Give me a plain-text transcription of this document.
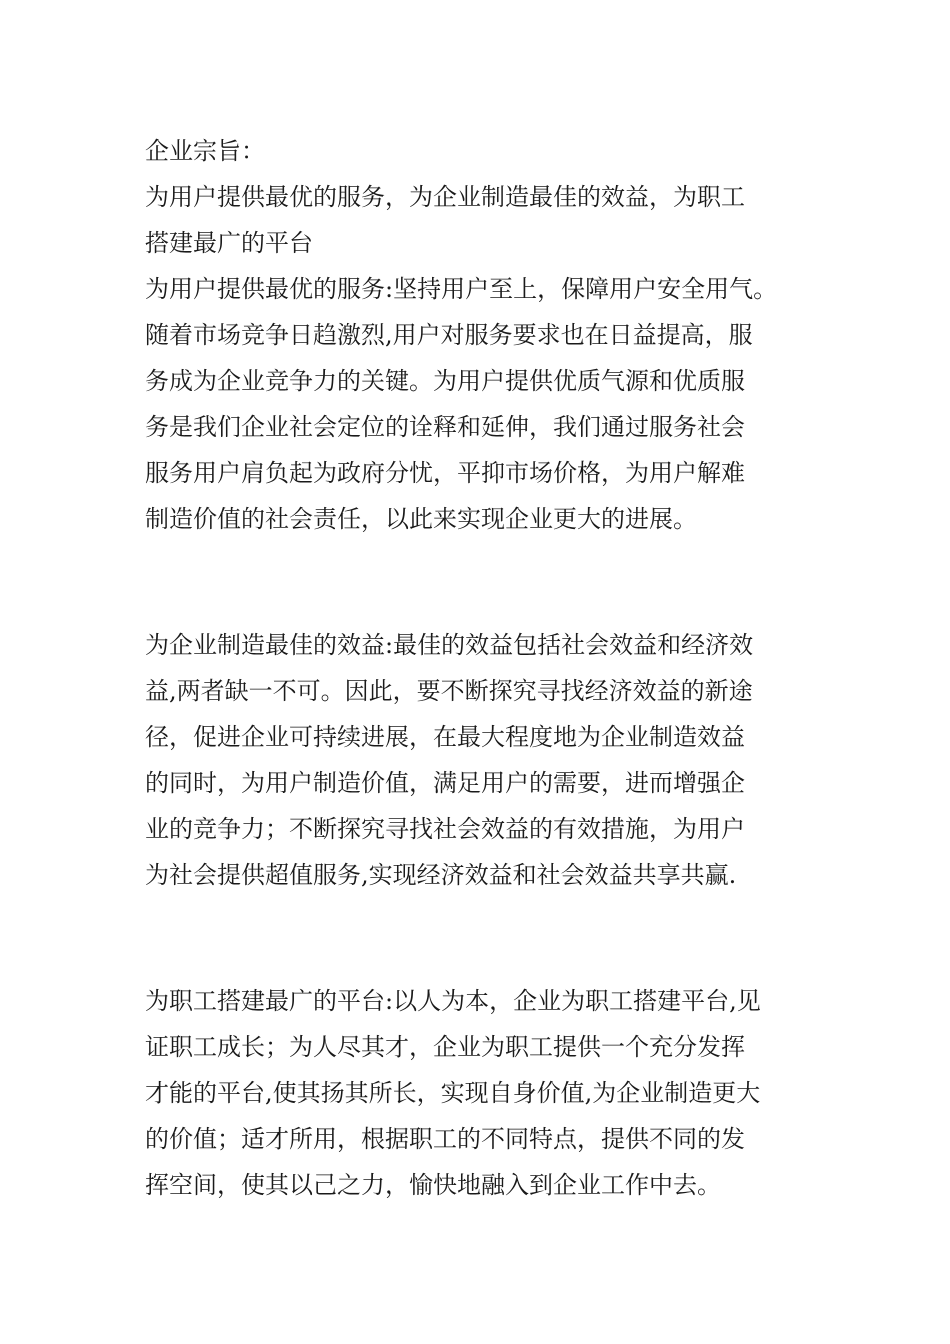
企业宗旨：
为用户提供最优的服务，为企业制造最佳的效益，为职工
搭建最广的平台
为用户提供最优的服务:坚持用户至上，保障用户安全用气。
随着市场竞争日趋激烈,用户对服务要求也在日益提高，服
务成为企业竞争力的关键。为用户提供优质气源和优质服
务是我们企业社会定位的诠释和延伸，我们通过服务社会
服务用户肩负起为政府分忧，平抑市场价格，为用户解难
制造价值的社会责任，以此来实现企业更大的进展。
为企业制造最佳的效益:最佳的效益包括社会效益和经济效
益,两者缺一不可。因此，要不断探究寻找经济效益的新途
径，促进企业可持续进展，在最大程度地为企业制造效益
的同时，为用户制造价值，满足用户的需要，进而增强企
业的竞争力；不断探究寻找社会效益的有效措施，为用户
为社会提供超值服务,实现经济效益和社会效益共享共赢.
为职工搭建最广的平台:以人为本，企业为职工搭建平台,见
证职工成长；为人尽其才，企业为职工提供一个充分发挥
才能的平台,使其扬其所长，实现自身价值,为企业制造更大
的价值；适才所用，根据职工的不同特点，提供不同的发
挥空间，使其以己之力，愉快地融入到企业工作中去。
